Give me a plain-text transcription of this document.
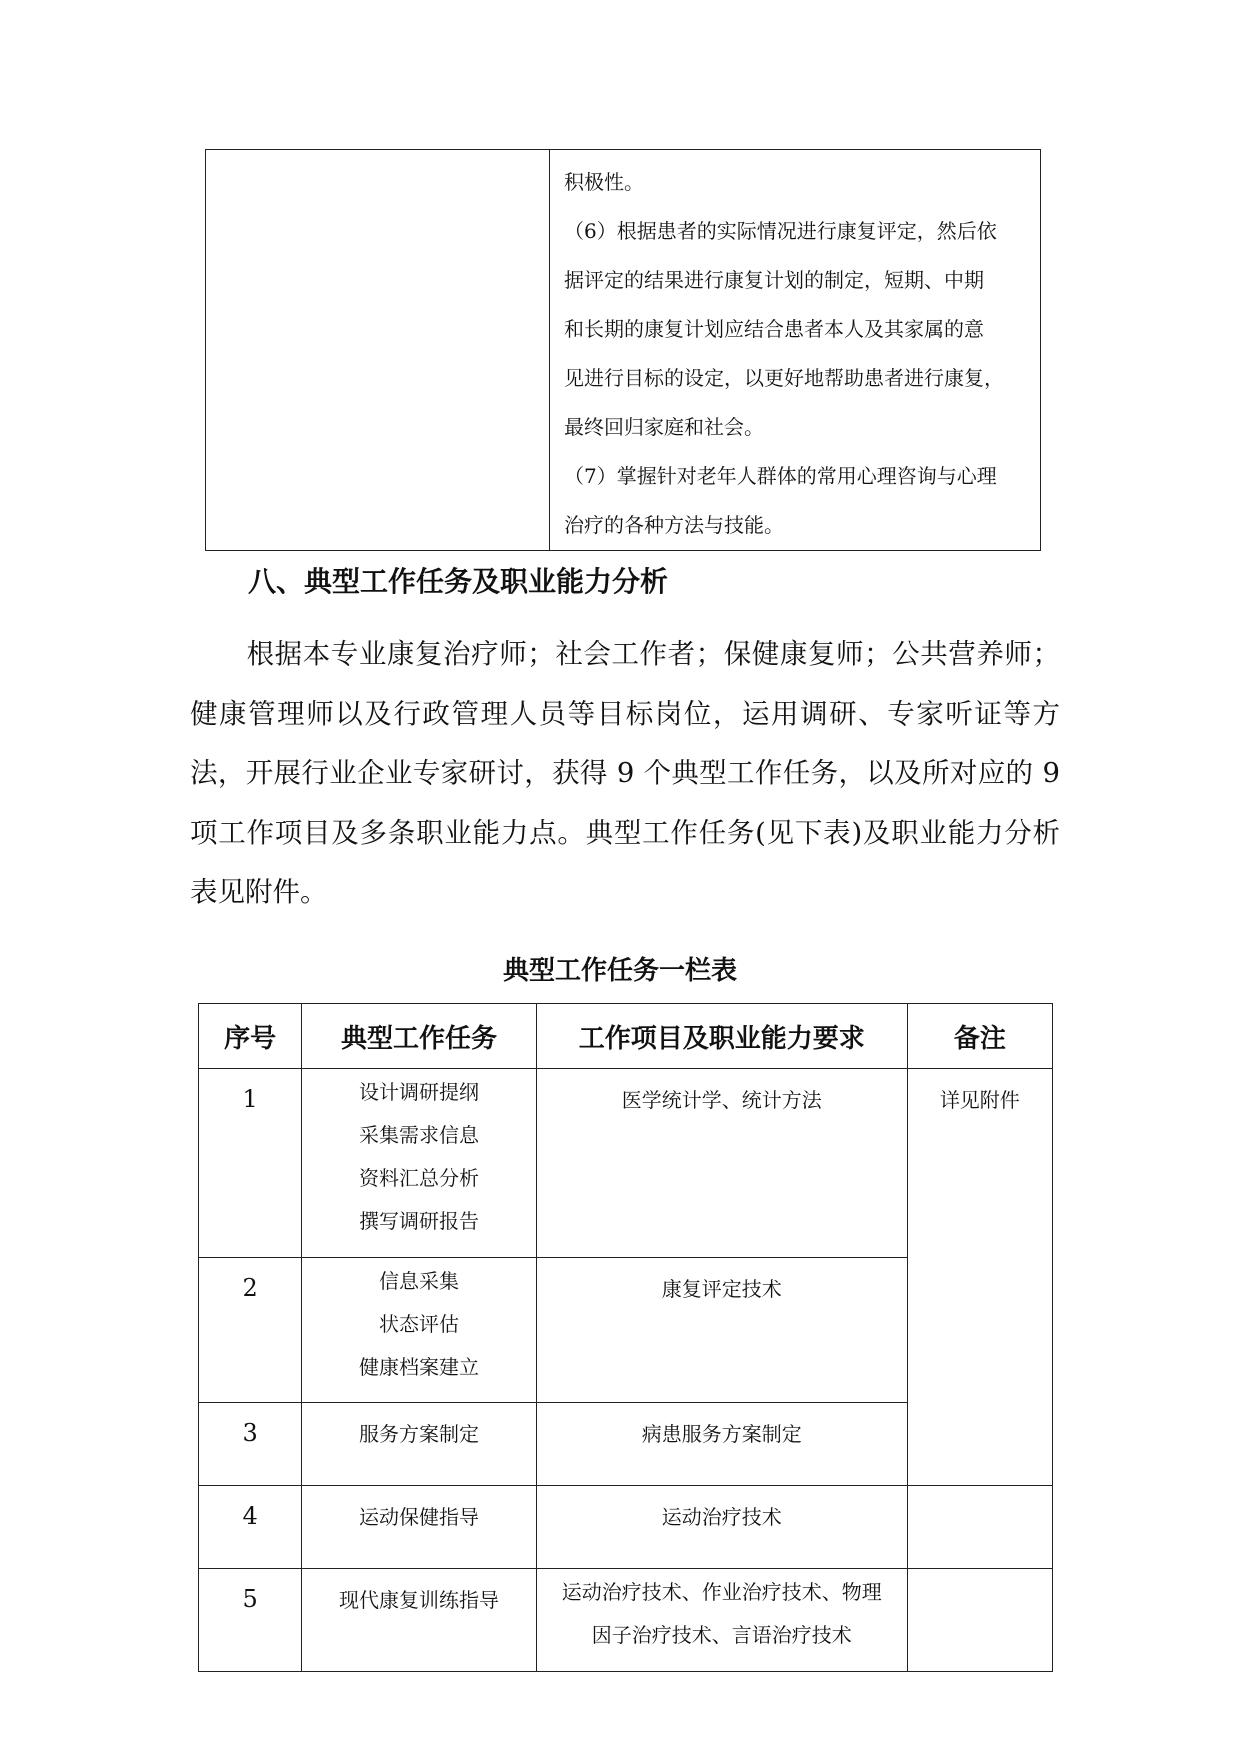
积极性。

（6）根据患者的实际情况进行康复评定，然后依

据评定的结果进行康复计划的制定，短期、中期

和长期的康复计划应结合患者本人及其家属的意

见进行目标的设定，以更好地帮助患者进行康复，

最终回归家庭和社会。

（7）掌握针对老年人群体的常用心理咨询与心理

治疗的各种方法与技能。

八、典型工作任务及职业能力分析

根据本专业康复治疗师；社会工作者；保健康复师；公共营养师；健康管理师以及行政管理人员等目标岗位，运用调研、专家听证等方法，开展行业企业专家研讨，获得 9 个典型工作任务，以及所对应的 9 项工作项目及多条职业能力点。典型工作任务(见下表)及职业能力分析表见附件。

典型工作任务一栏表
序号	典型工作任务	工作项目及职业能力要求	备注
1	设计调研提纲
采集需求信息
资料汇总分析
撰写调研报告	医学统计学、统计方法	详见附件
2	信息采集
状态评估
健康档案建立	康复评定技术	

3	服务方案制定	病患服务方案制定	

4	运动保健指导	运动治疗技术	

5	现代康复训练指导	运动治疗技术、作业治疗技术、物理
因子治疗技术、言语治疗技术	
